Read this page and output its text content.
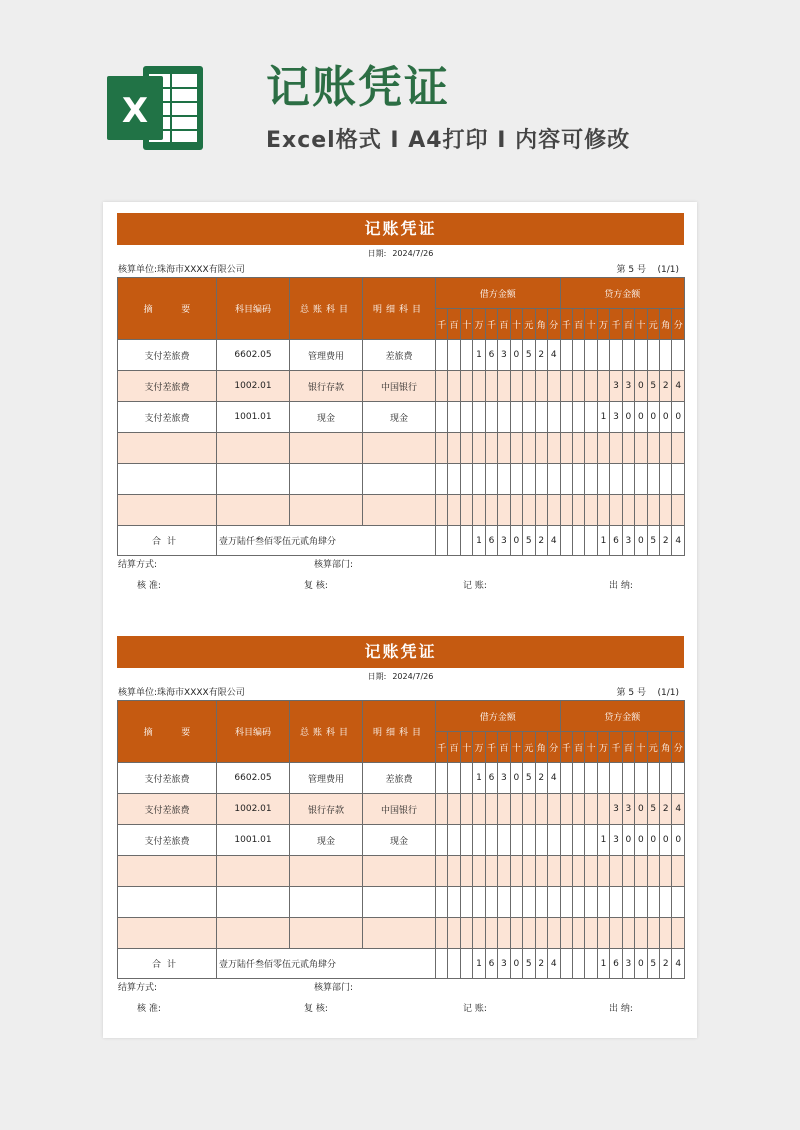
X	记账凭证
Excel格式 I A4打印 I 内容可修改
记账凭证
日期: 2024/7/26
核算单位:珠海市XXXX有限公司	第 5 号 (1/1)
摘 要	科目编码	总账科目	明细科目	借方金额										贷方金额									
				千	百	十	万	千	百	十	元	角	分	千	百	十	万	千	百	十	元	角	分
支付差旅费	6602.05	管理费用	差旅费				1	6	3	0	5	2	4										
支付差旅费	1002.01	银行存款	中国银行															3	3	0	5	2	4
支付差旅费	1001.01	现金	现金														1	3	0	0	0	0	0

合计	壹万陆仟叁佰零伍元贰角肆分						1	6	3	0	5	2	4				1	6	3	0	5	2	4
结算方式:	核算部门:
核 准:	复 核:	记 账:	出 纳:
记账凭证
日期: 2024/7/26
核算单位:珠海市XXXX有限公司	第 5 号 (1/1)
摘 要	科目编码	总账科目	明细科目	借方金额										贷方金额									
				千	百	十	万	千	百	十	元	角	分	千	百	十	万	千	百	十	元	角	分
支付差旅费	6602.05	管理费用	差旅费				1	6	3	0	5	2	4										
支付差旅费	1002.01	银行存款	中国银行															3	3	0	5	2	4
支付差旅费	1001.01	现金	现金														1	3	0	0	0	0	0

合计	壹万陆仟叁佰零伍元贰角肆分						1	6	3	0	5	2	4				1	6	3	0	5	2	4
结算方式:	核算部门:
核 准:	复 核:	记 账:	出 纳:
